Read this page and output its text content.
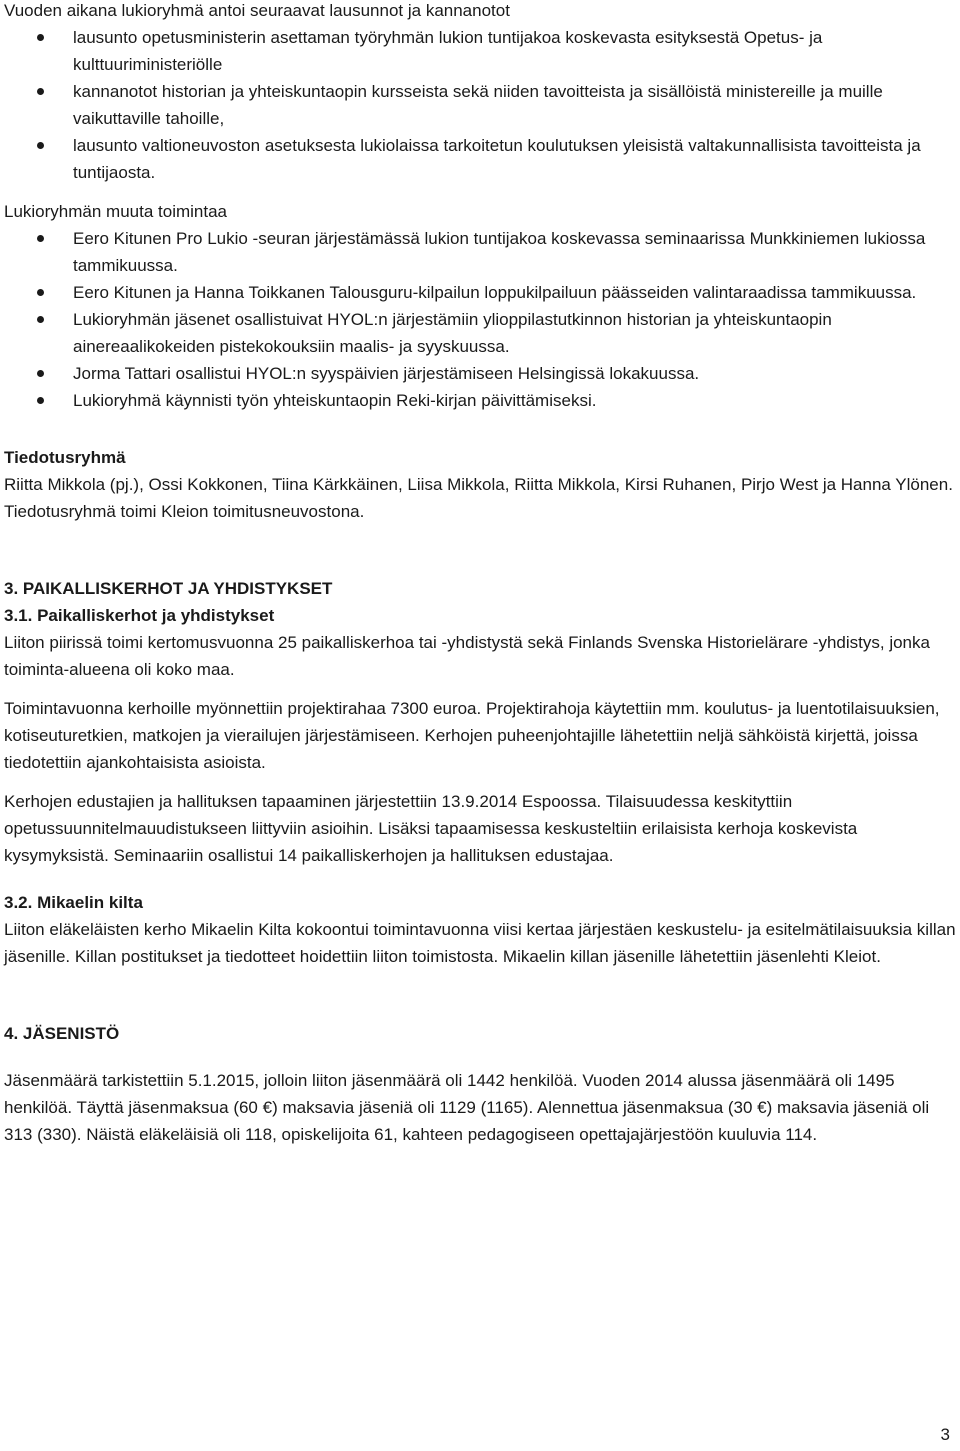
Vuoden aikana lukioryhmä antoi seuraavat lausunnot ja kannanotot

lausunto opetusministerin asettaman työryhmän lukion tuntijakoa koskevasta esityksestä Opetus- ja kulttuuriministeriölle
kannanotot historian ja yhteiskuntaopin kursseista sekä niiden tavoitteista ja sisällöistä ministereille ja muille vaikuttaville tahoille,
lausunto valtioneuvoston asetuksesta lukiolaissa tarkoitetun koulutuksen yleisistä valtakunnallisista tavoitteista ja tuntijaosta.

Lukioryhmän muuta toimintaa

Eero Kitunen Pro Lukio -seuran järjestämässä lukion tuntijakoa koskevassa seminaarissa Munkkiniemen lukiossa tammikuussa.
Eero Kitunen ja Hanna Toikkanen Talousguru-kilpailun loppukilpailuun päässeiden valintaraadissa tammikuussa.
Lukioryhmän jäsenet osallistuivat HYOL:n järjestämiin ylioppilastutkinnon historian ja yhteiskuntaopin ainereaalikokeiden pistekokouksiin maalis- ja syyskuussa.
Jorma Tattari osallistui HYOL:n syyspäivien järjestämiseen Helsingissä lokakuussa.
Lukioryhmä käynnisti työn yhteiskuntaopin Reki-kirjan päivittämiseksi.

Tiedotusryhmä

Riitta Mikkola (pj.), Ossi Kokkonen, Tiina Kärkkäinen, Liisa Mikkola, Riitta Mikkola, Kirsi Ruhanen, Pirjo West ja Hanna Ylönen. Tiedotusryhmä toimi Kleion toimitusneuvostona.

3. PAIKALLISKERHOT JA YHDISTYKSET

3.1. Paikalliskerhot ja yhdistykset

Liiton piirissä toimi kertomusvuonna 25 paikalliskerhoa tai -yhdistystä sekä Finlands Svenska Historielärare -yhdistys, jonka toiminta-alueena oli koko maa.

Toimintavuonna kerhoille myönnettiin projektirahaa 7300 euroa. Projektirahoja käytettiin mm. koulutus- ja luentotilaisuuksien, kotiseuturetkien, matkojen ja vierailujen järjestämiseen. Kerhojen puheenjohtajille lähetettiin neljä sähköistä kirjettä, joissa tiedotettiin ajankohtaisista asioista.

Kerhojen edustajien ja hallituksen tapaaminen järjestettiin 13.9.2014 Espoossa. Tilaisuudessa keskityttiin opetussuunnitelmauudistukseen liittyviin asioihin. Lisäksi tapaamisessa keskusteltiin erilaisista kerhoja koskevista kysymyksistä. Seminaariin osallistui 14 paikalliskerhojen ja hallituksen edustajaa.

3.2. Mikaelin kilta

Liiton eläkeläisten kerho Mikaelin Kilta kokoontui toimintavuonna viisi kertaa järjestäen keskustelu- ja esitelmätilaisuuksia killan jäsenille. Killan postitukset ja tiedotteet hoidettiin liiton toimistosta. Mikaelin killan jäsenille lähetettiin jäsenlehti Kleiot.

4. JÄSENISTÖ

Jäsenmäärä tarkistettiin 5.1.2015, jolloin liiton jäsenmäärä oli 1442 henkilöä. Vuoden 2014 alussa jäsenmäärä oli 1495 henkilöä. Täyttä jäsenmaksua (60 €) maksavia jäseniä oli 1129 (1165). Alennettua jäsenmaksua (30 €) maksavia jäseniä oli 313 (330). Näistä eläkeläisiä oli 118, opiskelijoita 61, kahteen pedagogiseen opettajajärjestöön kuuluvia 114.

3
